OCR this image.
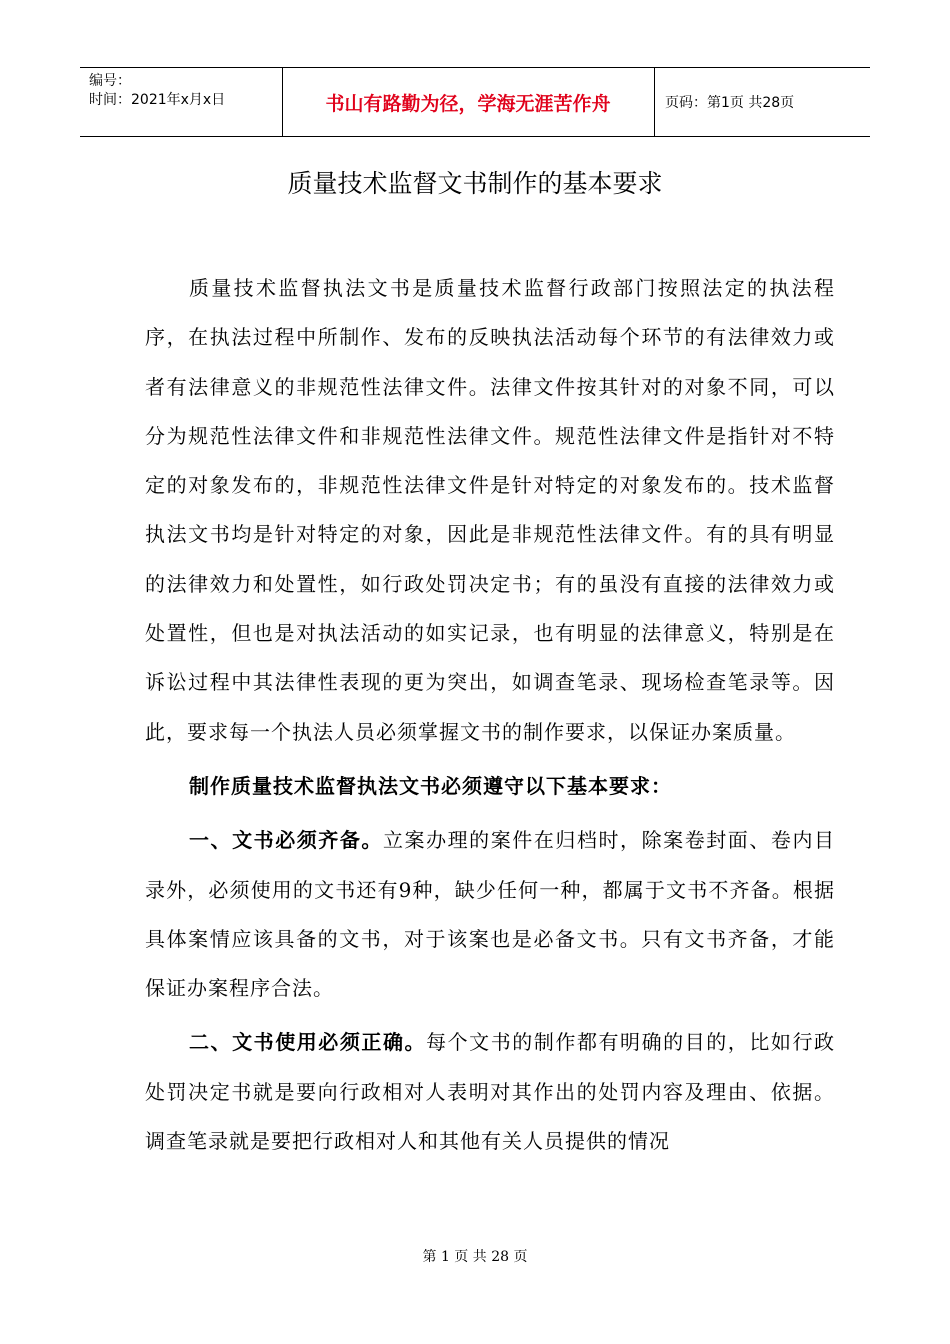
编号：
时间：2021年x月x日	书山有路勤为径，学海无涯苦作舟	页码：第1页 共28页
质量技术监督文书制作的基本要求

质量技术监督执法文书是质量技术监督行政部门按照法定的执法程序，在执法过程中所制作、发布的反映执法活动每个环节的有法律效力或者有法律意义的非规范性法律文件。法律文件按其针对的对象不同，可以分为规范性法律文件和非规范性法律文件。规范性法律文件是指针对不特定的对象发布的，非规范性法律文件是针对特定的对象发布的。技术监督执法文书均是针对特定的对象，因此是非规范性法律文件。有的具有明显的法律效力和处置性，如行政处罚决定书；有的虽没有直接的法律效力或处置性，但也是对执法活动的如实记录，也有明显的法律意义，特别是在诉讼过程中其法律性表现的更为突出，如调查笔录、现场检查笔录等。因此，要求每一个执法人员必须掌握文书的制作要求，以保证办案质量。

制作质量技术监督执法文书必须遵守以下基本要求：

一、文书必须齐备。立案办理的案件在归档时，除案卷封面、卷内目录外，必须使用的文书还有9种，缺少任何一种，都属于文书不齐备。根据具体案情应该具备的文书，对于该案也是必备文书。只有文书齐备，才能保证办案程序合法。

二、文书使用必须正确。每个文书的制作都有明确的目的，比如行政处罚决定书就是要向行政相对人表明对其作出的处罚内容及理由、依据。调查笔录就是要把行政相对人和其他有关人员提供的情况

第 1 页 共 28 页
